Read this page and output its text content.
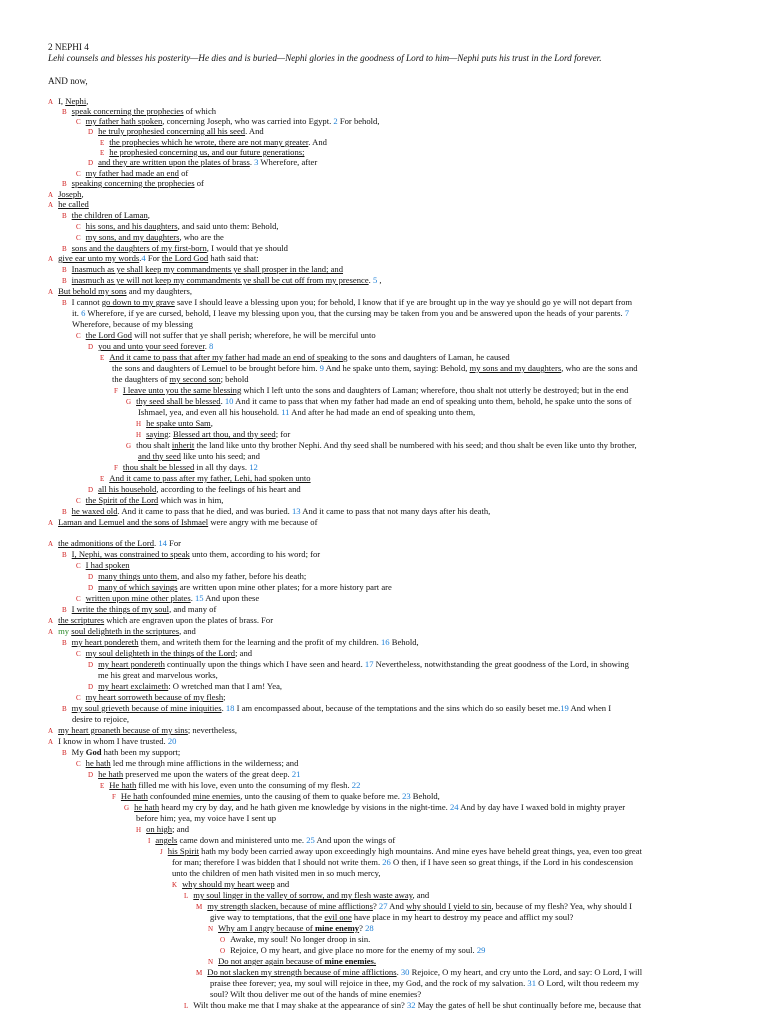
2 NEPHI 4
Lehi counsels and blesses his posterity—He dies and is buried—Nephi glories in the goodness of Lord to him—Nephi puts his trust in the Lord forever.
AND now,
A I, Nephi,
B speak concerning the prophecies of which
C my father hath spoken, concerning Joseph, who was carried into Egypt. 2 For behold,
D he truly prophesied concerning all his seed. And
E the prophecies which he wrote, there are not many greater. And
E he prophesied concerning us, and our future generations;
D and they are written upon the plates of brass. 3 Wherefore, after
C my father had made an end of
B speaking concerning the prophecies of
A Joseph,
A he called
B the children of Laman,
C his sons, and his daughters, and said unto them: Behold,
C my sons, and my daughters, who are the
B sons and the daughters of my first-born, I would that ye should
A give ear unto my words.4 For the Lord God hath said that:
B Inasmuch as ye shall keep my commandments ye shall prosper in the land; and
B inasmuch as ye will not keep my commandments ye shall be cut off from my presence. 5 ,
A But behold my sons and my daughters,
B I cannot go down to my grave save I should leave a blessing upon you; for behold, I know that if ye are brought up in the way ye should go ye will not depart from
it. 6 Wherefore, if ye are cursed, behold, I leave my blessing upon you, that the cursing may be taken from you and be answered upon the heads of your parents. 7
Wherefore, because of my blessing
C the Lord God will not suffer that ye shall perish; wherefore, he will be merciful unto
D you and unto your seed forever. 8
E And it came to pass that after my father had made an end of speaking to the sons and daughters of Laman, he caused
the sons and daughters of Lemuel to be brought before him. 9 And he spake unto them, saying: Behold, my sons and my daughters, who are the sons and
the daughters of my second son; behold
F I leave unto you the same blessing which I left unto the sons and daughters of Laman; wherefore, thou shalt not utterly be destroyed; but in the end
G thy seed shall be blessed. 10 And it came to pass that when my father had made an end of speaking unto them, behold, he spake unto the sons of
Ishmael, yea, and even all his household. 11 And after he had made an end of speaking unto them,
H he spake unto Sam,
H saying: Blessed art thou, and thy seed; for
G thou shalt inherit the land like unto thy brother Nephi. And thy seed shall be numbered with his seed; and thou shalt be even like unto thy brother,
and thy seed like unto his seed; and
F thou shalt be blessed in all thy days. 12
E And it came to pass after my father, Lehi, had spoken unto
D all his household, according to the feelings of his heart and
C the Spirit of the Lord which was in him,
B he waxed old. And it came to pass that he died, and was buried. 13 And it came to pass that not many days after his death,
A Laman and Lemuel and the sons of Ishmael were angry with me because of
A the admonitions of the Lord. 14 For
B I, Nephi, was constrained to speak unto them, according to his word; for
C I had spoken
D many things unto them, and also my father, before his death;
D many of which sayings are written upon mine other plates; for a more history part are
C written upon mine other plates. 15 And upon these
B I write the things of my soul, and many of
A the scriptures which are engraven upon the plates of brass. For
A my soul delighteth in the scriptures, and
B my heart pondereth them, and writeth them for the learning and the profit of my children. 16 Behold,
C my soul delighteth in the things of the Lord; and
D my heart pondereth continually upon the things which I have seen and heard. 17 Nevertheless, notwithstanding the great goodness of the Lord, in showing
me his great and marvelous works,
D my heart exclaimeth: O wretched man that I am! Yea,
C my heart sorroweth because of my flesh;
B my soul grieveth because of mine iniquities. 18 I am encompassed about, because of the temptations and the sins which do so easily beset me.19 And when I
desire to rejoice,
A my heart groaneth because of my sins; nevertheless,
A I know in whom I have trusted. 20
B My God hath been my support;
C he hath led me through mine afflictions in the wilderness; and
D he hath preserved me upon the waters of the great deep. 21
E He hath filled me with his love, even unto the consuming of my flesh. 22
F He hath confounded mine enemies, unto the causing of them to quake before me. 23 Behold,
G he hath heard my cry by day, and he hath given me knowledge by visions in the night-time. 24 And by day have I waxed bold in mighty prayer
before him; yea, my voice have I sent up
H on high; and
I angels came down and ministered unto me. 25 And upon the wings of
J his Spirit hath my body been carried away upon exceedingly high mountains. And mine eyes have beheld great things, yea, even too great
for man; therefore I was bidden that I should not write them. 26 O then, if I have seen so great things, if the Lord in his condescension
unto the children of men hath visited men in so much mercy,
K why should my heart weep and
L my soul linger in the valley of sorrow, and my flesh waste away, and
M my strength slacken, because of mine afflictions? 27 And why should I yield to sin, because of my flesh? Yea, why should I
give way to temptations, that the evil one have place in my heart to destroy my peace and afflict my soul?
N Why am I angry because of mine enemy? 28
O Awake, my soul! No longer droop in sin.
O Rejoice, O my heart, and give place no more for the enemy of my soul. 29
N Do not anger again because of mine enemies.
M Do not slacken my strength because of mine afflictions. 30 Rejoice, O my heart, and cry unto the Lord, and say: O Lord, I will
praise thee forever; yea, my soul will rejoice in thee, my God, and the rock of my salvation. 31 O Lord, wilt thou redeem my
soul? Wilt thou deliver me out of the hands of mine enemies?
L Wilt thou make me that I may shake at the appearance of sin? 32 May the gates of hell be shut continually before me, because that
